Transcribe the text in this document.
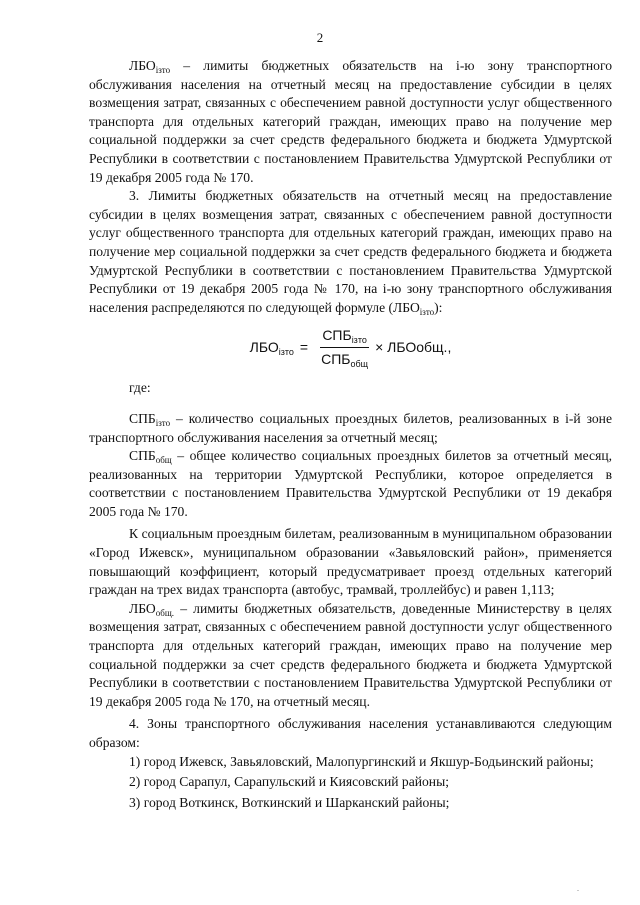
2

$ЛБО_{iзто}$ – лимиты бюджетных обязательств на i-ю зону транспортного обслуживания населения на отчетный месяц на предоставление субсидии в целях возмещения затрат, связанных с обеспечением равной доступности услуг общественного транспорта для отдельных категорий граждан, имеющих право на получение мер социальной поддержки за счет средств федерального бюджета и бюджета Удмуртской Республики в соответствии с постановлением Правительства Удмуртской Республики от 19 декабря 2005 года № 170.

3. Лимиты бюджетных обязательств на отчетный месяц на предоставление субсидии в целях возмещения затрат, связанных с обеспечением равной доступности услуг общественного транспорта для отдельных категорий граждан, имеющих право на получение мер социальной поддержки за счет средств федерального бюджета и бюджета Удмуртской Республики в соответствии с постановлением Правительства Удмуртской Республики от 19 декабря 2005 года № 170, на i-ю зону транспортного обслуживания населения распределяются по следующей формуле $(ЛБО_{iзто})$:

$ЛБО_{iзто} = \frac{СПБ_{iзто}}{СПБ_{общ}}$ × ЛБОобщ.,

где:

$СПБ_{iзто}$ – количество социальных проездных билетов, реализованных в i-й зоне транспортного обслуживания населения за отчетный месяц;

$СПБ_{общ}$ – общее количество социальных проездных билетов за отчетный месяц, реализованных на территории Удмуртской Республики, которое определяется в соответствии с постановлением Правительства Удмуртской Республики от 19 декабря 2005 года № 170.

К социальным проездным билетам, реализованным в муниципальном образовании «Город Ижевск», муниципальном образовании «Завьяловский район», применяется повышающий коэффициент, который предусматривает проезд отдельных категорий граждан на трех видах транспорта (автобус, трамвай, троллейбус) и равен 1,113;

$ЛБО_{общ.}$ – лимиты бюджетных обязательств, доведенные Министерству в целях возмещения затрат, связанных с обеспечением равной доступности услуг общественного транспорта для отдельных категорий граждан, имеющих право на получение мер социальной поддержки за счет средств федерального бюджета и бюджета Удмуртской Республики в соответствии с постановлением Правительства Удмуртской Республики от 19 декабря 2005 года № 170, на отчетный месяц.

4. Зоны транспортного обслуживания населения устанавливаются следующим образом:

1) город Ижевск, Завьяловский, Малопургинский и Якшур-Бодьинский районы;

2) город Сарапул, Сарапульский и Киясовский районы;

3) город Воткинск, Воткинский и Шарканский районы;

.
